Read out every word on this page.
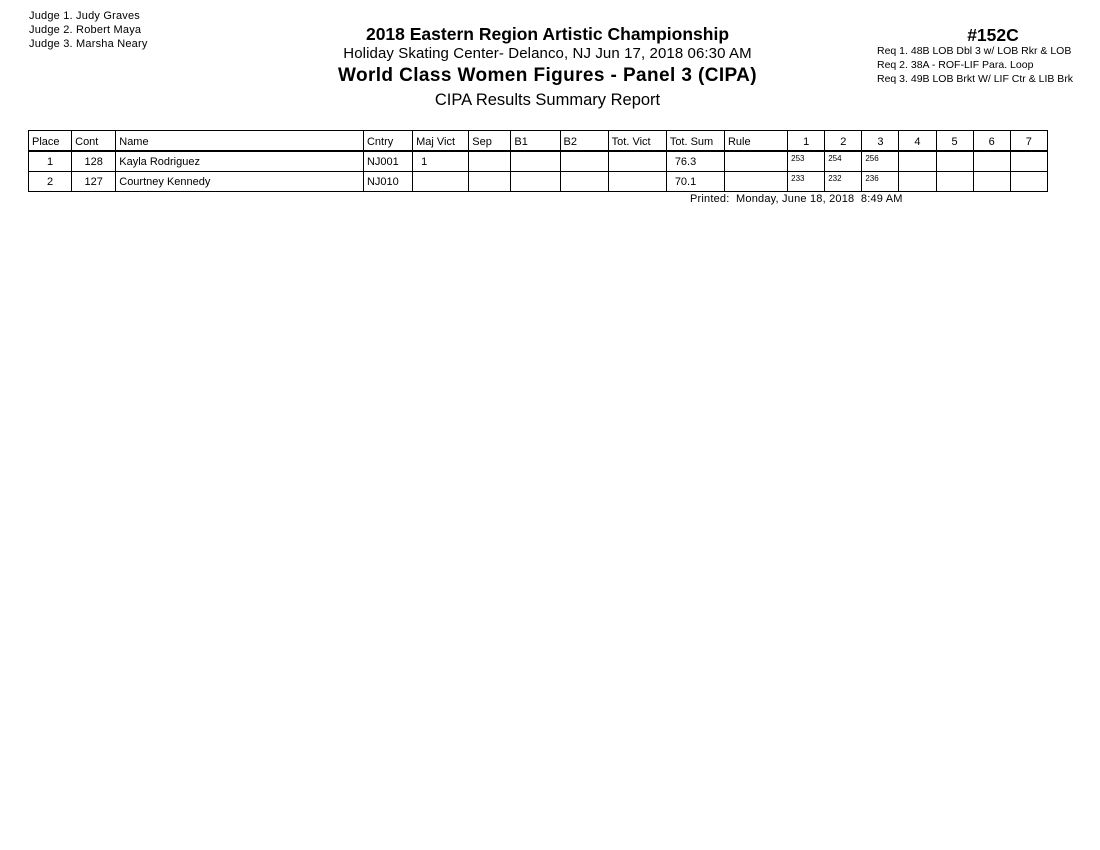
Judge 1. Judy Graves
Judge 2. Robert Maya
Judge 3. Marsha Neary	2018 Eastern Region Artistic Championship
Holiday Skating Center- Delanco, NJ Jun 17, 2018 06:30 AM
World Class Women Figures - Panel 3 (CIPA)
CIPA Results Summary Report
#152C
Req 1. 48B LOB Dbl 3 w/ LOB Rkr & LOB
Req 2. 38A - ROF-LIF Para. Loop
Req 3. 49B LOB Brkt W/ LIF Ctr & LIB Brk
Place	Cont	Name	Cntry	Maj Vict	Sep	B1	B2	Tot. Vict	Tot. Sum	Rule	1	2	3	4	5	6	7
1	128	Kayla Rodriguez	NJ001	1					76.3		253	254	256				
2	127	Courtney Kennedy	NJ010						70.1		233	232	236				
Printed:  Monday, June 18, 2018  8:49 AM
